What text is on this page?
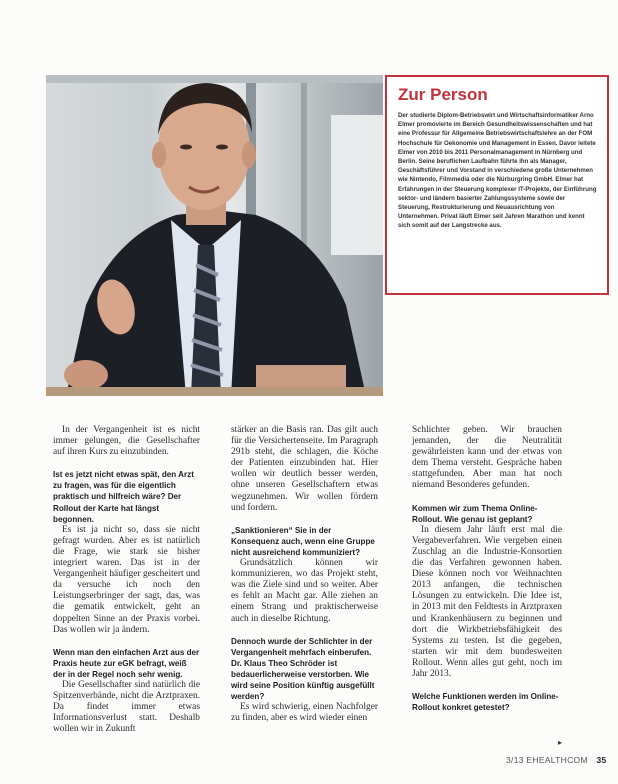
Zur Person

Der studierte Diplom-Betriebswirt und Wirtschaftsinformatiker Arno Elmer promovierte im Bereich Gesundheitswissenschaften und hat eine Professur für Allgemeine Betriebswirtschaftslehre an der FOM Hochschule für Oekonomie und Management in Essen. Davor leitete Elmer von 2010 bis 2011 Personalmanagement in Nürnberg und Berlin. Seine beruflichen Laufbahn führte ihn als Manager, Geschäftsführer und Vorstand in verschiedene große Unternehmen wie Nintendo, Filmmedia oder die Nürburgring GmbH. Elmer hat Erfahrungen in der Steuerung komplexer IT-Projekte, der Einführung sektor- und ländern basierter Zahlungssysteme sowie der Steuerung, Restrukturierung und Neuausrichtung von Unternehmen. Privat läuft Elmer seit Jahren Marathon und kennt sich somit auf der Langstrecke aus.

In der Vergangenheit ist es nicht immer gelungen, die Gesellschafter auf ihren Kurs zu einzubinden.

Ist es jetzt nicht etwas spät, den Arzt zu fragen, was für die eigentlich praktisch und hilfreich wäre? Der Rollout der Karte hat längst begonnen.

Es ist ja nicht so, dass sie nicht gefragt wurden. Aber es ist natürlich die Frage, wie stark sie bisher integriert waren. Das ist in der Vergangenheit häufiger gescheitert und da versuche ich noch den Leistungserbringer der sagt, das, was die gematik entwickelt, geht an doppelten Sinne an der Praxis vorbei. Das wollen wir ja ändern.

Wenn man den einfachen Arzt aus der Praxis heute zur eGK befragt, weiß der in der Regel noch sehr wenig.

Die Gesellschafter sind natürlich die Spitzenverbände, nicht die Arztpraxen. Da findet immer etwas Informationsverlust statt. Deshalb wollen wir in Zukunft

stärker an die Basis ran. Das gilt auch für die Versichertenseite. Im Paragraph 291b steht, die schlagen, die Köche der Patienten einzubinden hat. Hier wollen wir deutlich besser werden, ohne unseren Gesellschaftern etwas wegzunehmen. Wir wollen fördern und fordern.

„Sanktionieren“ Sie in der Konsequenz auch, wenn eine Gruppe nicht ausreichend kommuniziert?

Grundsätzlich können wir kommunizieren, wo das Projekt steht, was die Ziele sind und so weiter. Aber es fehlt an Macht gar. Alle ziehen an einem Strang und praktischerweise auch in dieselbe Richtung.

Dennoch wurde der Schlichter in der Vergangenheit mehrfach einberufen. Dr. Klaus Theo Schröder ist bedauerlicherweise verstorben. Wie wird seine Position künftig ausgefüllt werden?

Es wird schwierig, einen Nachfolger zu finden, aber es wird wieder einen

Schlichter geben. Wir brauchen jemanden, der die Neutralität gewährleisten kann und der etwas von dem Thema versteht. Gespräche haben stattgefunden. Aber man hat noch niemand Besonderes gefunden.

Kommen wir zum Thema Online-Rollout. Wie genau ist geplant?

In diesem Jahr läuft erst mal die Vergabeverfahren. Wie vergeben einen Zuschlag an die Industrie-Konsortien die das Verfahren gewonnen haben. Diese können noch vor Weihnachten 2013 anfangen, die technischen Lösungen zu entwickeln. Die Idee ist, in 2013 mit den Feldtests in Arztpraxen und Krankenhäusern zu beginnen und dort die Wirkbetriebsfähigkeit des Systems zu testen. Ist die gegeben, starten wir mit dem bundesweiten Rollout. Wenn alles gut geht, noch im Jahr 2013.

Welche Funktionen werden im Online-Rollout konkret getestet?

▸
3/13 EHEALTHCOM 35
